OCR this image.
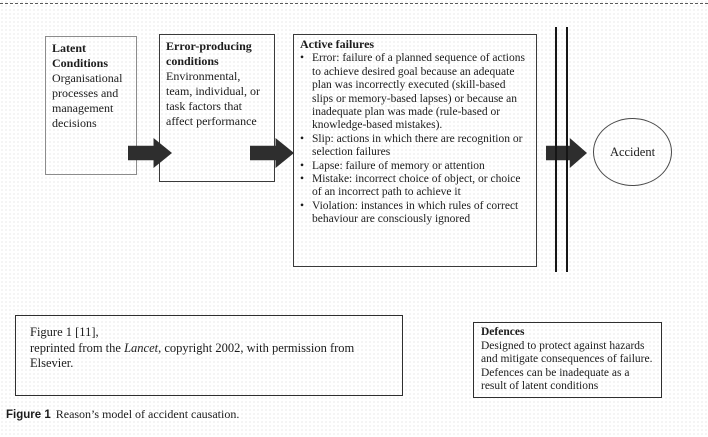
Latent Conditions
Organisational processes and management decisions
Error-producing conditions
Environmental, team, individual, or task factors that affect performance
Active failures
• Error: failure of a planned sequence of actions to achieve desired goal because an adequate plan was incorrectly executed (skill-based slips or memory-based lapses) or because an inadequate plan was made (rule-based or knowledge-based mistakes).
• Slip: actions in which there are recognition or selection failures
• Lapse: failure of memory or attention
• Mistake: incorrect choice of object, or choice of an incorrect path to achieve it
• Violation: instances in which rules of correct behaviour are consciously ignored
Accident
Figure 1 [11],
reprinted from the Lancet, copyright 2002, with permission from
Elsevier.
Defences
Designed to protect against hazards and mitigate consequences of failure. Defences can be inadequate as a result of latent conditions
Figure 1 Reason’s model of accident causation.
